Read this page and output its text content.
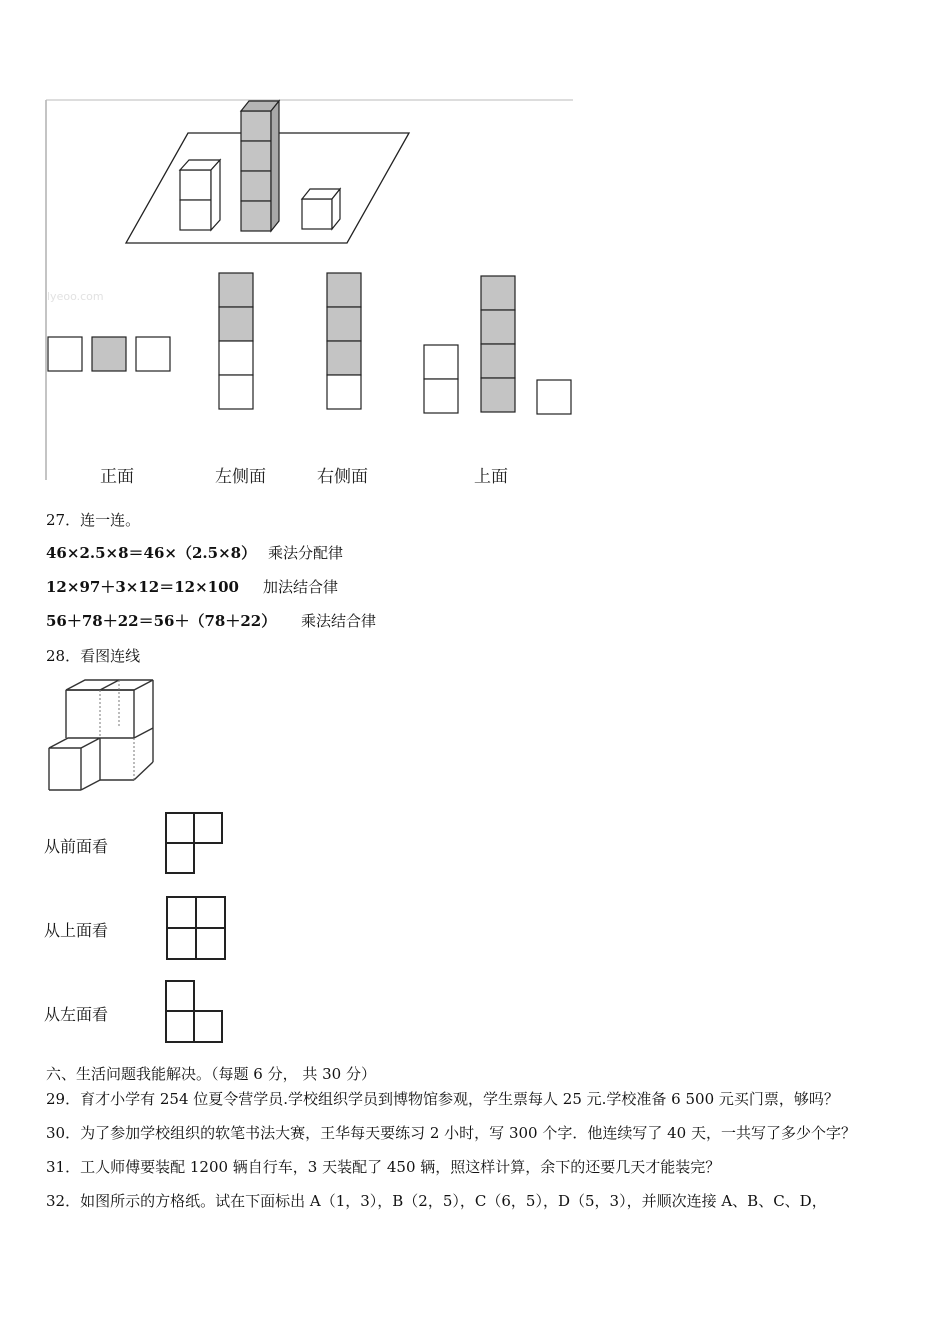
lyeoo.com
正面	左侧面	右侧面	上面
27．连一连。
46×2.5×8＝46×（2.5×8） 乘法分配律
12×97＋3×12＝12×100 加法结合律
56＋78＋22＝56＋（78＋22） 乘法结合律
28．看图连线
从前面看
从上面看
从左面看
六、生活问题我能解决。（每题 6 分， 共 30 分）
29．育才小学有 254 位夏令营学员.学校组织学员到博物馆参观，学生票每人 25 元.学校准备 6 500 元买门票，够吗？
30．为了参加学校组织的软笔书法大赛，王华每天要练习 2 小时，写 300 个字．他连续写了 40 天，一共写了多少个字？
31．工人师傅要装配 1200 辆自行车，3 天装配了 450 辆，照这样计算，余下的还要几天才能装完？
32．如图所示的方格纸。试在下面标出 A（1，3），B（2，5），C（6，5），D（5，3），并顺次连接 A、B、C、D，
